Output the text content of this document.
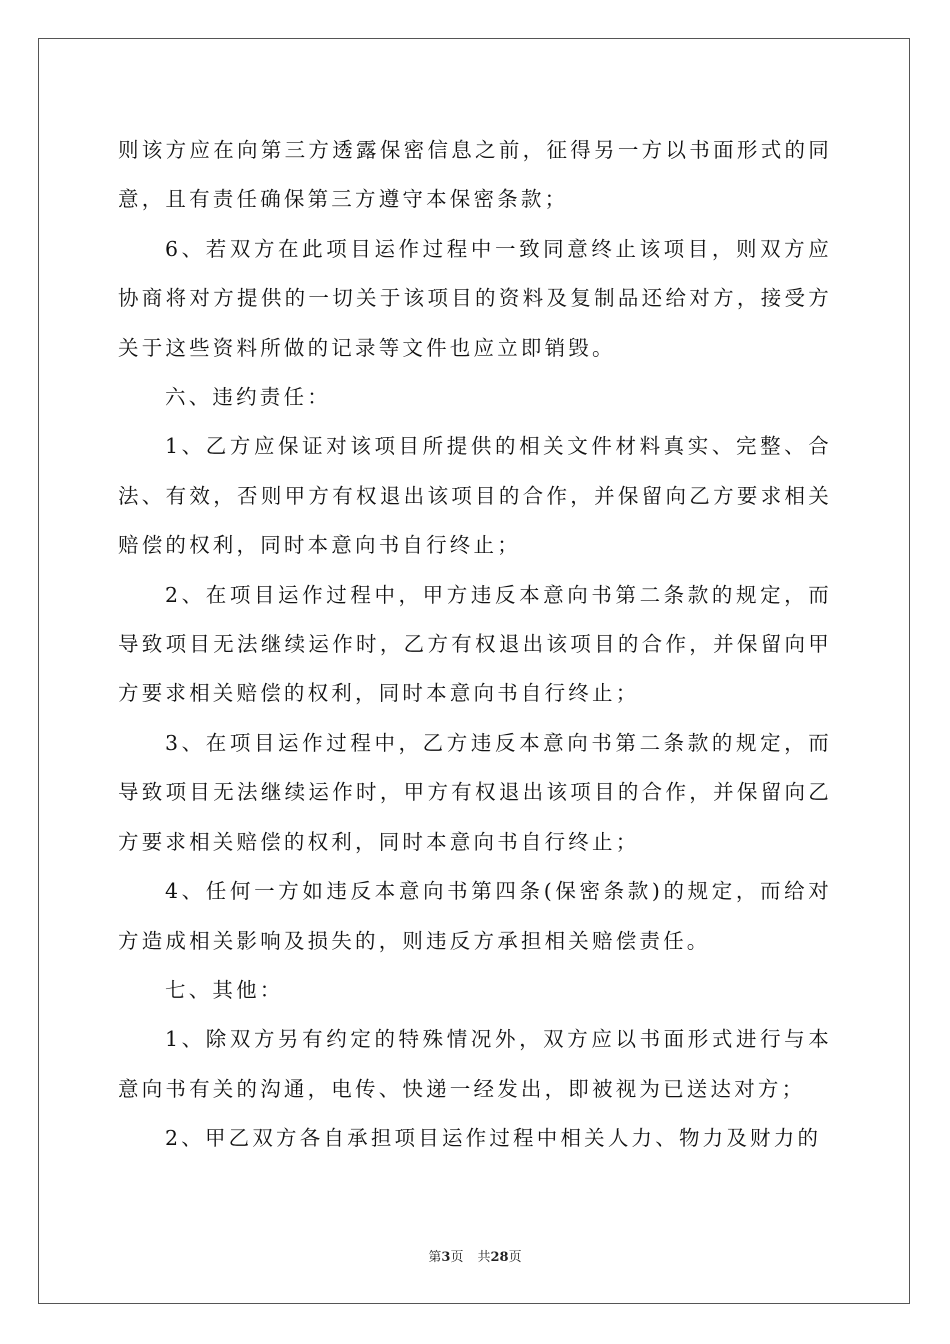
则该方应在向第三方透露保密信息之前，征得另一方以书面形式的同意，且有责任确保第三方遵守本保密条款；

6、若双方在此项目运作过程中一致同意终止该项目，则双方应协商将对方提供的一切关于该项目的资料及复制品还给对方，接受方关于这些资料所做的记录等文件也应立即销毁。

六、违约责任：

1、乙方应保证对该项目所提供的相关文件材料真实、完整、合法、有效，否则甲方有权退出该项目的合作，并保留向乙方要求相关赔偿的权利，同时本意向书自行终止；

2、在项目运作过程中，甲方违反本意向书第二条款的规定，而导致项目无法继续运作时，乙方有权退出该项目的合作，并保留向甲方要求相关赔偿的权利，同时本意向书自行终止；

3、在项目运作过程中，乙方违反本意向书第二条款的规定，而导致项目无法继续运作时，甲方有权退出该项目的合作，并保留向乙方要求相关赔偿的权利，同时本意向书自行终止；

4、任何一方如违反本意向书第四条(保密条款)的规定，而给对方造成相关影响及损失的，则违反方承担相关赔偿责任。

七、其他：

1、除双方另有约定的特殊情况外，双方应以书面形式进行与本意向书有关的沟通，电传、快递一经发出，即被视为已送达对方；

2、甲乙双方各自承担项目运作过程中相关人力、物力及财力的

第3页 共28页
